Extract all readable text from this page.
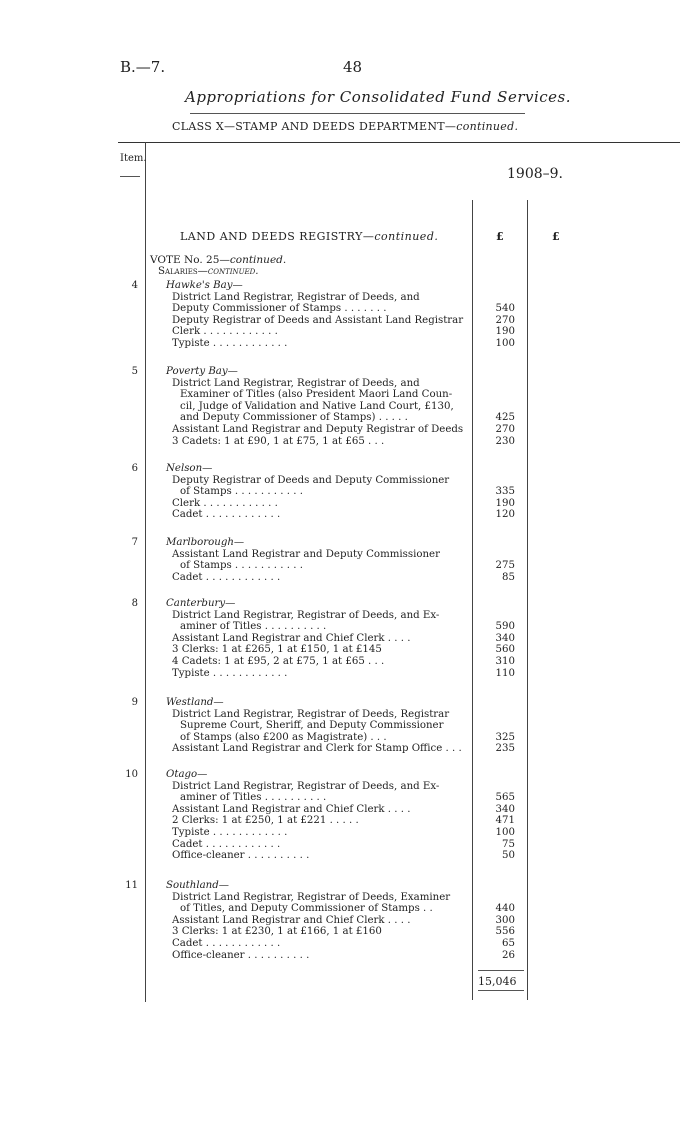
B.—7.	48
Appropriations for Consolidated Fund Services.
CLASS X—STAMP AND DEEDS DEPARTMENT—continued.
Item.
1908–9.
£	£
LAND AND DEEDS REGISTRY—continued.
VOTE No. 25—continued.
Salaries—continued.
4	Hawke's Bay—
District Land Registrar, Registrar of Deeds, and
Deputy Commissioner of Stamps . . . . . . .	540
Deputy Registrar of Deeds and Assistant Land Registrar	270
Clerk . . . . . . . . . . . .	190
Typiste . . . . . . . . . . . .	100
5	Poverty Bay—
District Land Registrar, Registrar of Deeds, and
Examiner of Titles (also President Maori Land Coun-
cil, Judge of Validation and Native Land Court, £130,
and Deputy Commissioner of Stamps) . . . . .	425
Assistant Land Registrar and Deputy Registrar of Deeds	270
3 Cadets: 1 at £90, 1 at £75, 1 at £65 . . .	230
6	Nelson—
Deputy Registrar of Deeds and Deputy Commissioner
of Stamps . . . . . . . . . . .	335
Clerk . . . . . . . . . . . .	190
Cadet . . . . . . . . . . . .	120
7	Marlborough—
Assistant Land Registrar and Deputy Commissioner
of Stamps . . . . . . . . . . .	275
Cadet . . . . . . . . . . . .	85
8	Canterbury—
District Land Registrar, Registrar of Deeds, and Ex-
aminer of Titles . . . . . . . . . .	590
Assistant Land Registrar and Chief Clerk . . . .	340
3 Clerks: 1 at £265, 1 at £150, 1 at £145	560
4 Cadets: 1 at £95, 2 at £75, 1 at £65 . . .	310
Typiste . . . . . . . . . . . .	110
9	Westland—
District Land Registrar, Registrar of Deeds, Registrar
Supreme Court, Sheriff, and Deputy Commissioner
of Stamps (also £200 as Magistrate) . . .	325
Assistant Land Registrar and Clerk for Stamp Office . . .	235
10	Otago—
District Land Registrar, Registrar of Deeds, and Ex-
aminer of Titles . . . . . . . . . .	565
Assistant Land Registrar and Chief Clerk . . . .	340
2 Clerks: 1 at £250, 1 at £221 . . . . .	471
Typiste . . . . . . . . . . . .	100
Cadet . . . . . . . . . . . .	75
Office-cleaner . . . . . . . . . .	50
11	Southland—
District Land Registrar, Registrar of Deeds, Examiner
of Titles, and Deputy Commissioner of Stamps . .	440
Assistant Land Registrar and Chief Clerk . . . .	300
3 Clerks: 1 at £230, 1 at £166, 1 at £160	556
Cadet . . . . . . . . . . . .	65
Office-cleaner . . . . . . . . . .	26
15,046
